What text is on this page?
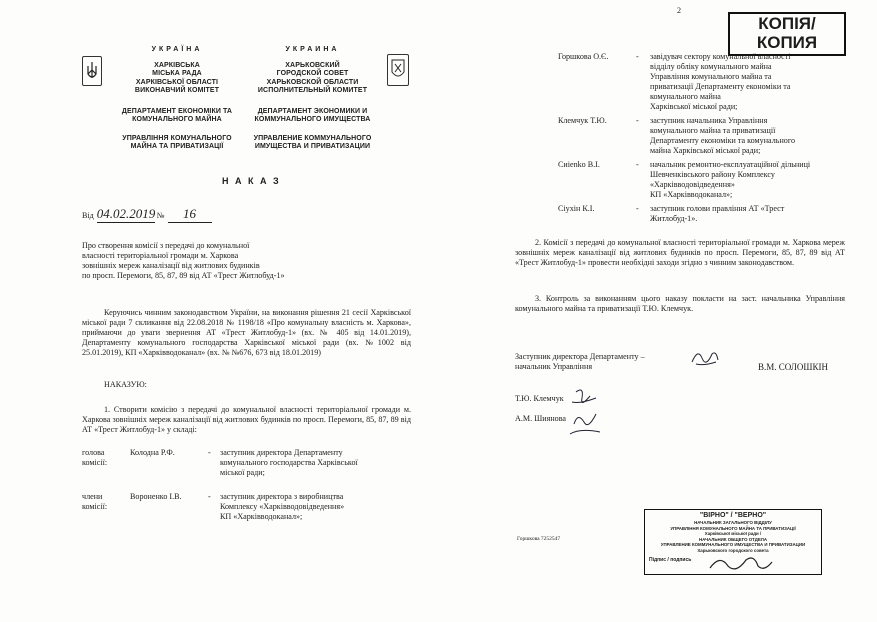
УКРАЇНА
ХАРКІВСЬКА
МІСЬКА РАДА
ХАРКІВСЬКОЇ ОБЛАСТІ
ВИКОНАВЧИЙ КОМІТЕТ
ДЕПАРТАМЕНТ ЕКОНОМІКИ ТА
КОМУНАЛЬНОГО МАЙНА
УПРАВЛІННЯ КОМУНАЛЬНОГО
МАЙНА ТА ПРИВАТИЗАЦІЇ
УКРАИНА
ХАРЬКОВСКИЙ
ГОРОДСКОЙ СОВЕТ
ХАРЬКОВСКОЙ ОБЛАСТИ
ИСПОЛНИТЕЛЬНЫЙ КОМИТЕТ
ДЕПАРТАМЕНТ ЭКОНОМИКИ И
КОММУНАЛЬНОГО ИМУЩЕСТВА
УПРАВЛЕНИЕ КОММУНАЛЬНОГО
ИМУЩЕСТВА И ПРИВАТИЗАЦИИ
Н А К А З
Від 04.02.2019 №	16
Про створення комісії з передачі до комунальної
власності територіальної громади м. Харкова
зовнішніх мереж каналізації від житлових будинків
по просп. Перемоги, 85, 87, 89 від АТ «Трест Житлобуд-1»
Керуючись чинним законодавством України, на виконання рішення 21 сесії Харківської міської ради 7 скликання від 22.08.2018 № 1198/18 «Про комунальну власність м. Харкова», приймаючи до уваги звернення АТ «Трест Житлобуд-1» (вх. № 405 від 14.01.2019), Департаменту комунального господарства Харківської міської ради (вх. №1002 від 25.01.2019), КП «Харківводоканал» (вх. № №676, 673 від 18.01.2019)
НАКАЗУЮ:
1. Створити комісію з передачі до комунальної власності територіальної громади м. Харкова зовнішніх мереж каналізації від житлових будинків по просп. Перемоги, 85, 87, 89 від АТ «Трест Житлобуд-1» у складі:
голова
комісії:
Колодна Р.Ф.	-	заступник директора Департаменту
комунального господарства Харківської
міської ради;
члени
комісії:
Вороненко І.В.	-	заступник директора з виробництва
Комплексу «Харківводовідведення»
КП «Харківводоканал»;
2
КОПІЯ/
КОПИЯ
Горшкова О.Є.	-	завідувач сектору комунальної власності
відділу обліку комунального майна
Управління комунального майна та
приватизації Департаменту економіки та
комунального майна
Харківської міської ради;
Клемчук Т.Ю.	-	заступник начальника Управління
комунального майна та приватизації
Департаменту економіки та комунального
майна Харківської міської ради;
Сиienko В.І.	-	начальник ремонтно-експлуатаційної дільниці
Шевченківського району Комплексу
«Харківводовідведення»
КП «Харківводоканал»;
Сіухін К.І.	-	заступник голови правління АТ «Трест
Житлобуд-1».
2. Комісії з передачі до комунальної власності територіальної громади м. Харкова мереж зовнішніх мереж каналізації від житлових будинків по просп. Перемоги, 85, 87, 89 від АТ «Трест Житлобуд-1» провести необхідні заходи згідно з чинним законодавством.
3. Контроль за виконанням цього наказу покласти на заст. начальника Управління комунального майна та приватизації Т.Ю. Клемчук.
Заступник директора Департаменту –
начальник Управління	В.М. СОЛОШКІН
Т.Ю. Клемчук
А.М. Шиянова
Горшкова 7252547
"ВІРНО" / "ВЕРНО"
НАЧАЛЬНИК ЗАГАЛЬНОГО ВІДДІЛУ
УПРАВЛІННЯ КОМУНАЛЬНОГО МАЙНА ТА ПРИВАТИЗАЦІЇ
Харківської міської ради /
НАЧАЛЬНИК ОБЩЕГО ОТДЕЛА
УПРАВЛЕНИЕ КОММУНАЛЬНОГО ИМУЩЕСТВА И ПРИВАТИЗАЦИИ
Харьковского городского совета
Підпис / подпись
